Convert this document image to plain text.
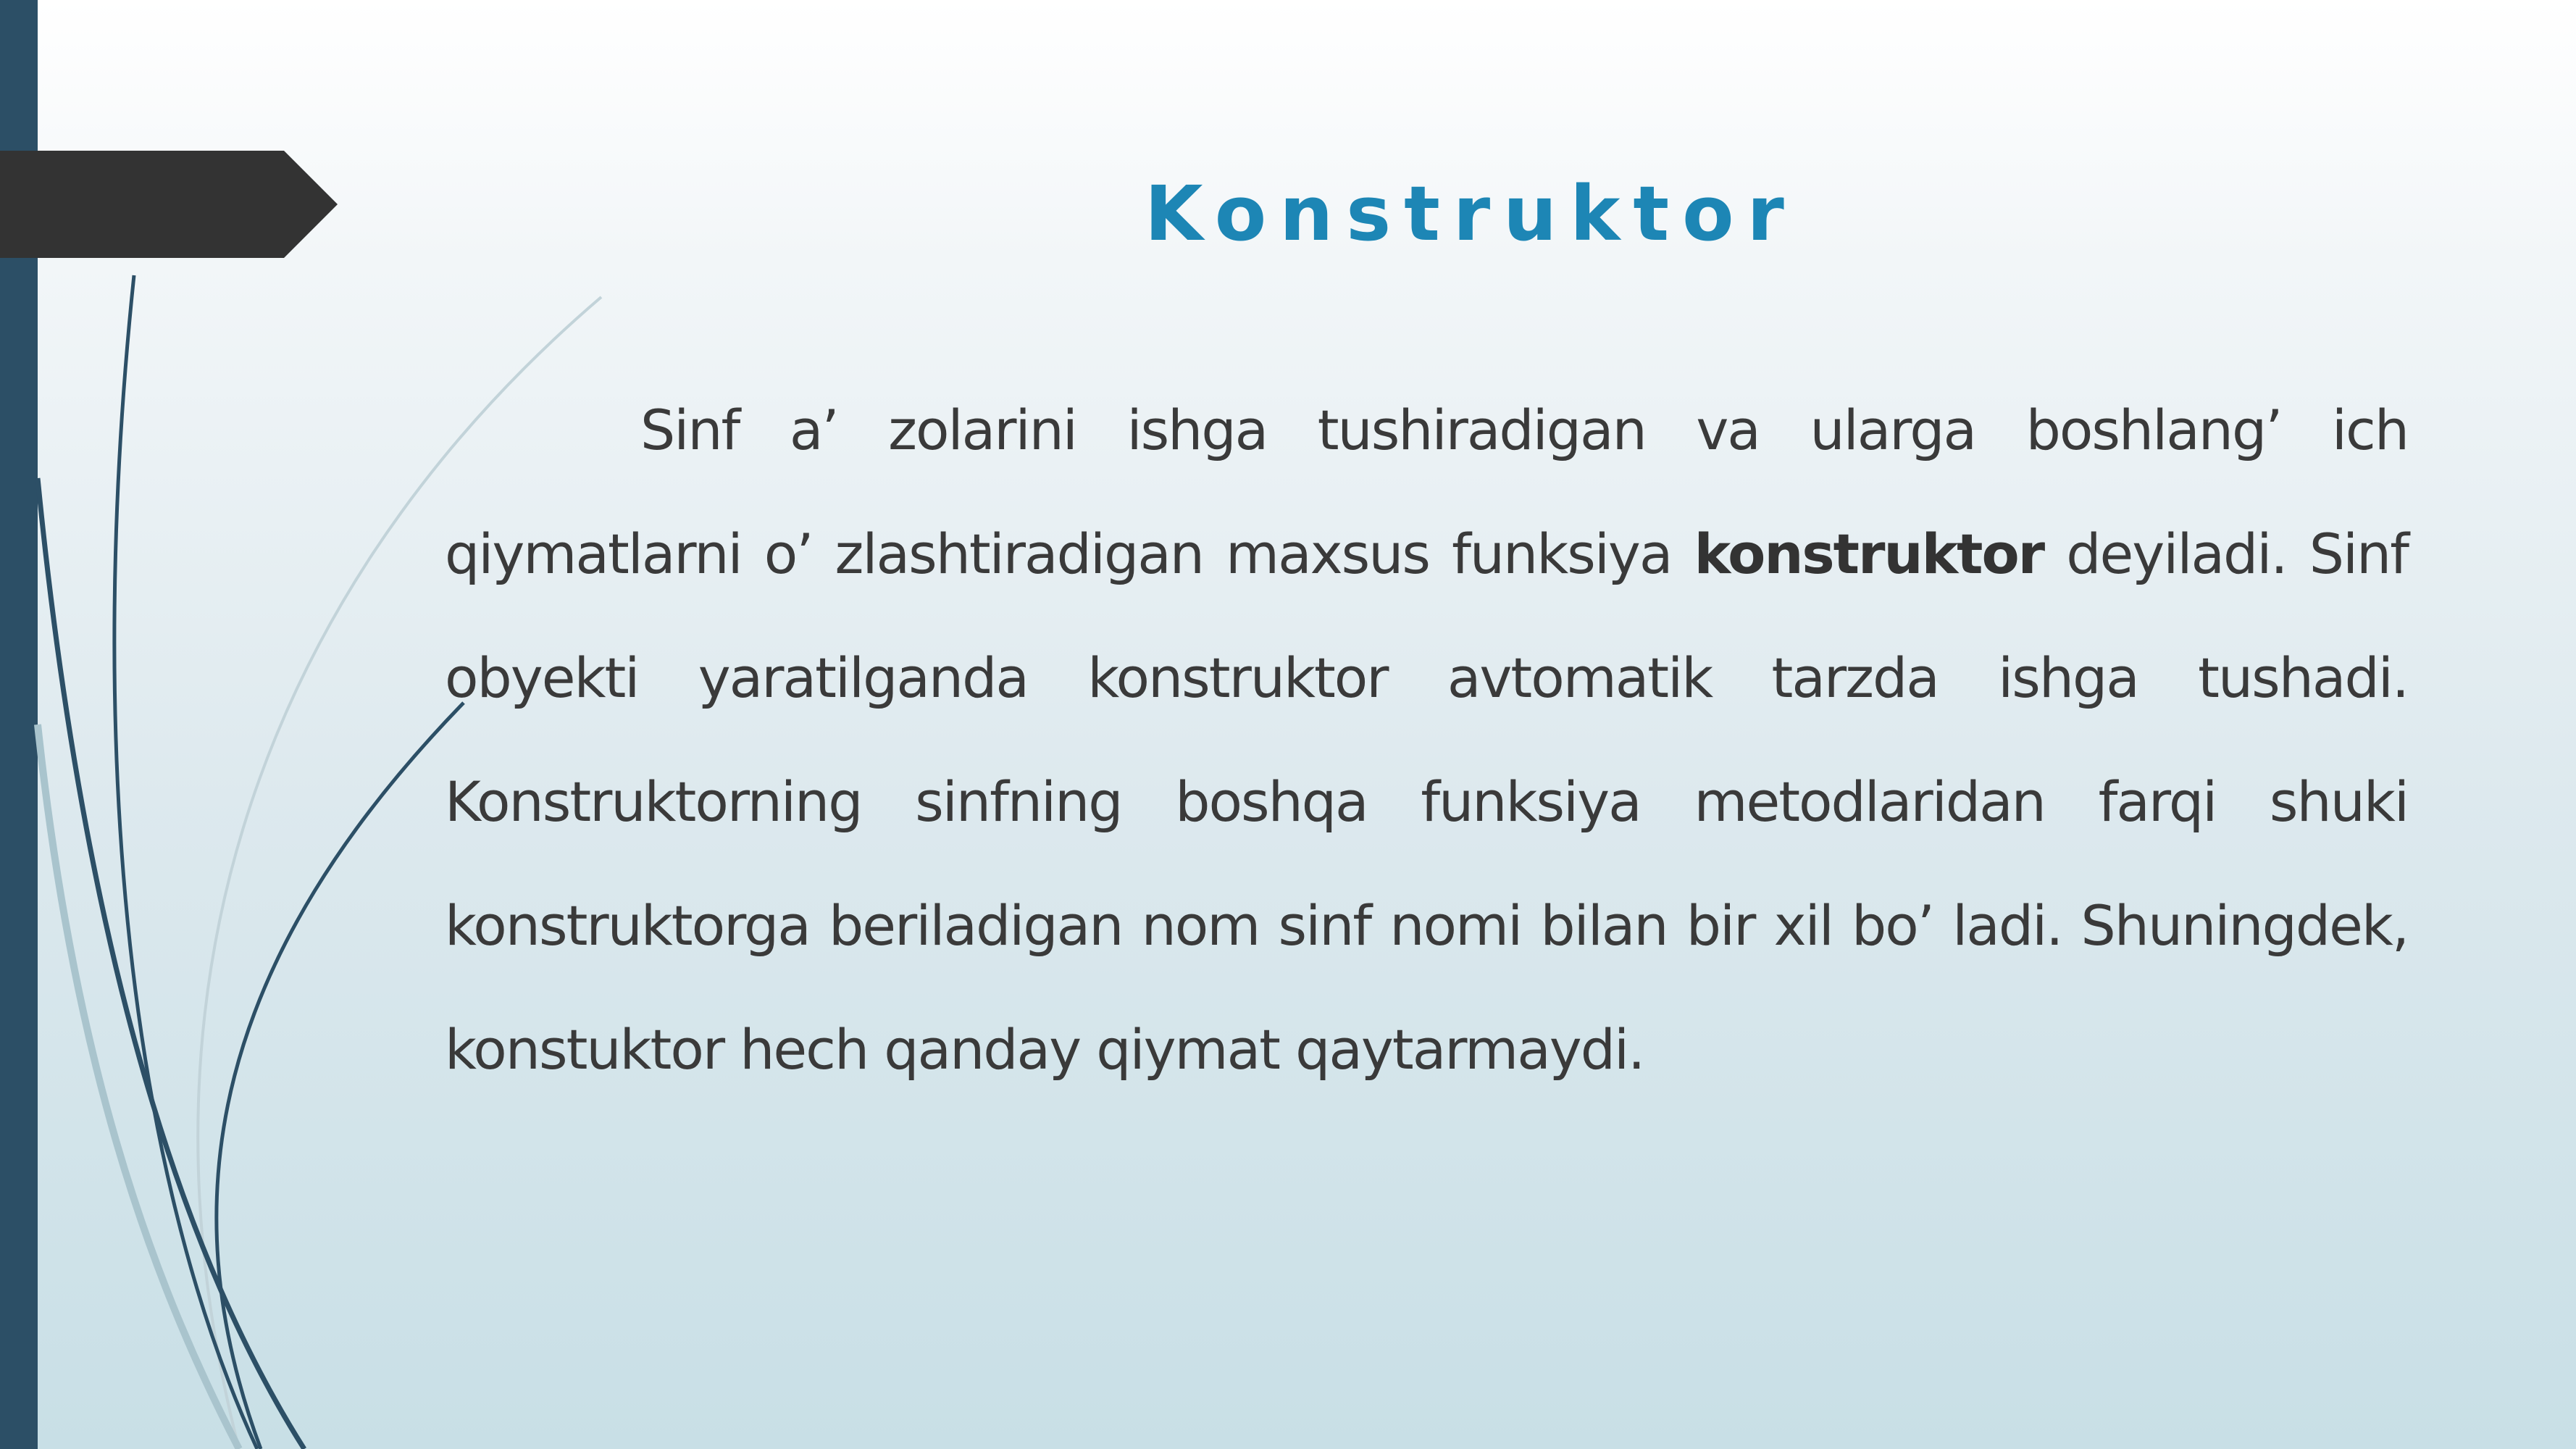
Konstruktor

Sinf a’ zolarini ishga tushiradigan va ularga boshlang’ ich qiymatlarni o’ zlashtiradigan maxsus funksiya konstruktor deyiladi. Sinf obyekti yaratilganda konstruktor avtomatik tarzda ishga tushadi. Konstruktorning sinfning boshqa funksiya metodlaridan farqi shuki konstruktorga beriladigan nom sinf nomi bilan bir xil bo’ ladi. Shuningdek, konstuktor hech qanday qiymat qaytarmaydi.
